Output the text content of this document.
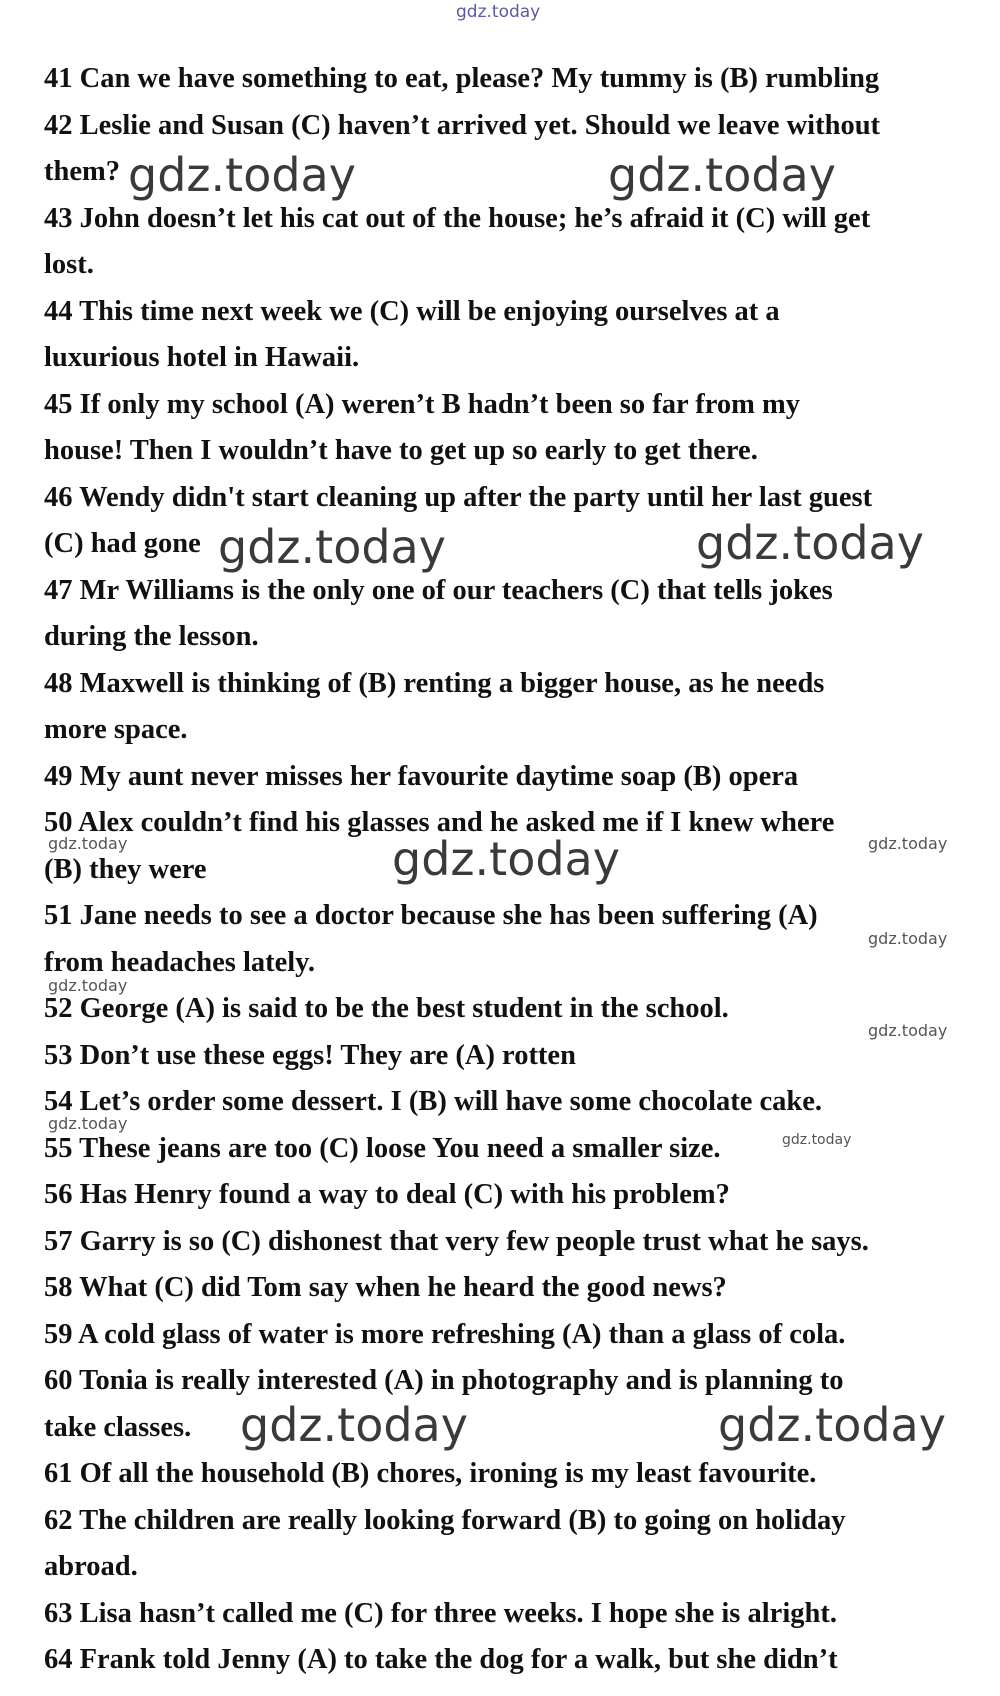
41 Can we have something to eat, please? My tummy is (B) rumbling
42 Leslie and Susan (C) haven’t arrived yet. Should we leave without
them?
43 John doesn’t let his cat out of the house; he’s afraid it (C) will get
lost.
44 This time next week we (C) will be enjoying ourselves at a
luxurious hotel in Hawaii.
45 If only my school (A) weren’t B hadn’t been so far from my
house! Then I wouldn’t have to get up so early to get there.
46 Wendy didn't start cleaning up after the party until her last guest
(C) had gone
47 Mr Williams is the only one of our teachers (C) that tells jokes
during the lesson.
48 Maxwell is thinking of (B) renting a bigger house, as he needs
more space.
49 My aunt never misses her favourite daytime soap (B) opera
50 Alex couldn’t find his glasses and he asked me if I knew where
(B) they were
51 Jane needs to see a doctor because she has been suffering (A)
from headaches lately.
52 George (A) is said to be the best student in the school.
53 Don’t use these eggs! They are (A) rotten
54 Let’s order some dessert. I (B) will have some chocolate cake.
55 These jeans are too (C) loose You need a smaller size.
56 Has Henry found a way to deal (C) with his problem?
57 Garry is so (C) dishonest that very few people trust what he says.
58 What (C) did Tom say when he heard the good news?
59 A cold glass of water is more refreshing (A) than a glass of cola.
60 Tonia is really interested (A) in photography and is planning to
take classes.
61 Of all the household (B) chores, ironing is my least favourite.
62 The children are really looking forward (B) to going on holiday
abroad.
63 Lisa hasn’t called me (C) for three weeks. I hope she is alright.
64 Frank told Jenny (A) to take the dog for a walk, but she didn’t
gdz.today
gdz.today	gdz.today
gdz.today	gdz.today
gdz.today	gdz.today	gdz.today
gdz.today
gdz.today
gdz.today
gdz.today
gdz.today
gdz.today	gdz.today
